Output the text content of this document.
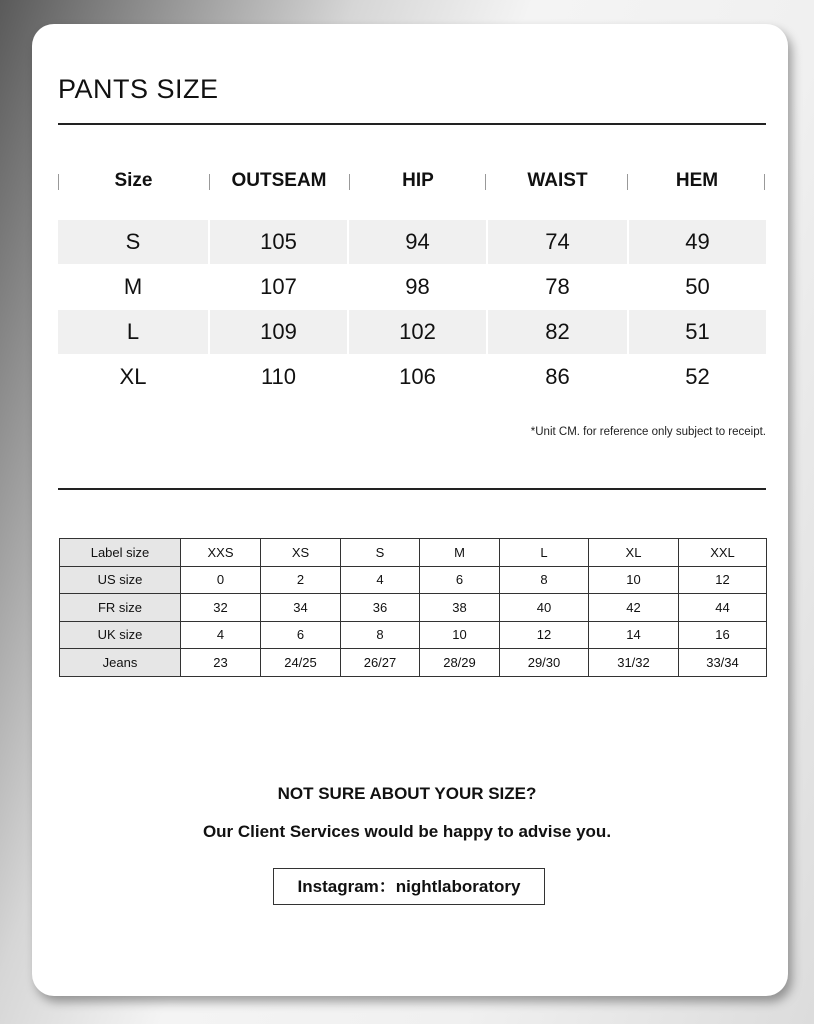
PANTS SIZE
Size	OUTSEAM	HIP	WAIST	HEM
S	105	94	74	49
M	107	98	78	50
L	109	102	82	51
XL	110	106	86	52
*Unit CM. for reference only subject to receipt.
Label size	XXS	XS	S	M	L	XL	XXL
US size	0	2	4	6	8	10	12
FR size	32	34	36	38	40	42	44
UK size	4	6	8	10	12	14	16
Jeans	23	24/25	26/27	28/29	29/30	31/32	33/34
NOT SURE ABOUT YOUR SIZE?
Our Client Services would be happy to advise you.
Instagram：nightlaboratory
